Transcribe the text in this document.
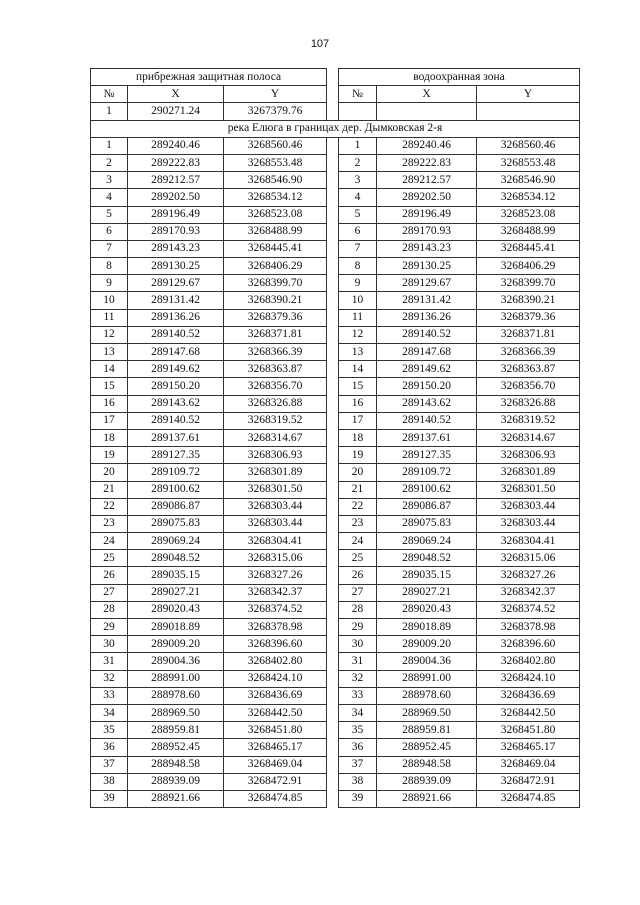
107
прибрежная защитная полоса				водоохранная зона		
№	X	Y		№	X	Y
1	290271.24	3267379.76				
река Елюга в границах дер. Дымковская 2-я						
1	289240.46	3268560.46		1	289240.46	3268560.46
2	289222.83	3268553.48		2	289222.83	3268553.48
3	289212.57	3268546.90		3	289212.57	3268546.90
4	289202.50	3268534.12		4	289202.50	3268534.12
5	289196.49	3268523.08		5	289196.49	3268523.08
6	289170.93	3268488.99		6	289170.93	3268488.99
7	289143.23	3268445.41		7	289143.23	3268445.41
8	289130.25	3268406.29		8	289130.25	3268406.29
9	289129.67	3268399.70		9	289129.67	3268399.70
10	289131.42	3268390.21		10	289131.42	3268390.21
11	289136.26	3268379.36		11	289136.26	3268379.36
12	289140.52	3268371.81		12	289140.52	3268371.81
13	289147.68	3268366.39		13	289147.68	3268366.39
14	289149.62	3268363.87		14	289149.62	3268363.87
15	289150.20	3268356.70		15	289150.20	3268356.70
16	289143.62	3268326.88		16	289143.62	3268326.88
17	289140.52	3268319.52		17	289140.52	3268319.52
18	289137.61	3268314.67		18	289137.61	3268314.67
19	289127.35	3268306.93		19	289127.35	3268306.93
20	289109.72	3268301.89		20	289109.72	3268301.89
21	289100.62	3268301.50		21	289100.62	3268301.50
22	289086.87	3268303.44		22	289086.87	3268303.44
23	289075.83	3268303.44		23	289075.83	3268303.44
24	289069.24	3268304.41		24	289069.24	3268304.41
25	289048.52	3268315.06		25	289048.52	3268315.06
26	289035.15	3268327.26		26	289035.15	3268327.26
27	289027.21	3268342.37		27	289027.21	3268342.37
28	289020.43	3268374.52		28	289020.43	3268374.52
29	289018.89	3268378.98		29	289018.89	3268378.98
30	289009.20	3268396.60		30	289009.20	3268396.60
31	289004.36	3268402.80		31	289004.36	3268402.80
32	288991.00	3268424.10		32	288991.00	3268424.10
33	288978.60	3268436.69		33	288978.60	3268436.69
34	288969.50	3268442.50		34	288969.50	3268442.50
35	288959.81	3268451.80		35	288959.81	3268451.80
36	288952.45	3268465.17		36	288952.45	3268465.17
37	288948.58	3268469.04		37	288948.58	3268469.04
38	288939.09	3268472.91		38	288939.09	3268472.91
39	288921.66	3268474.85		39	288921.66	3268474.85
